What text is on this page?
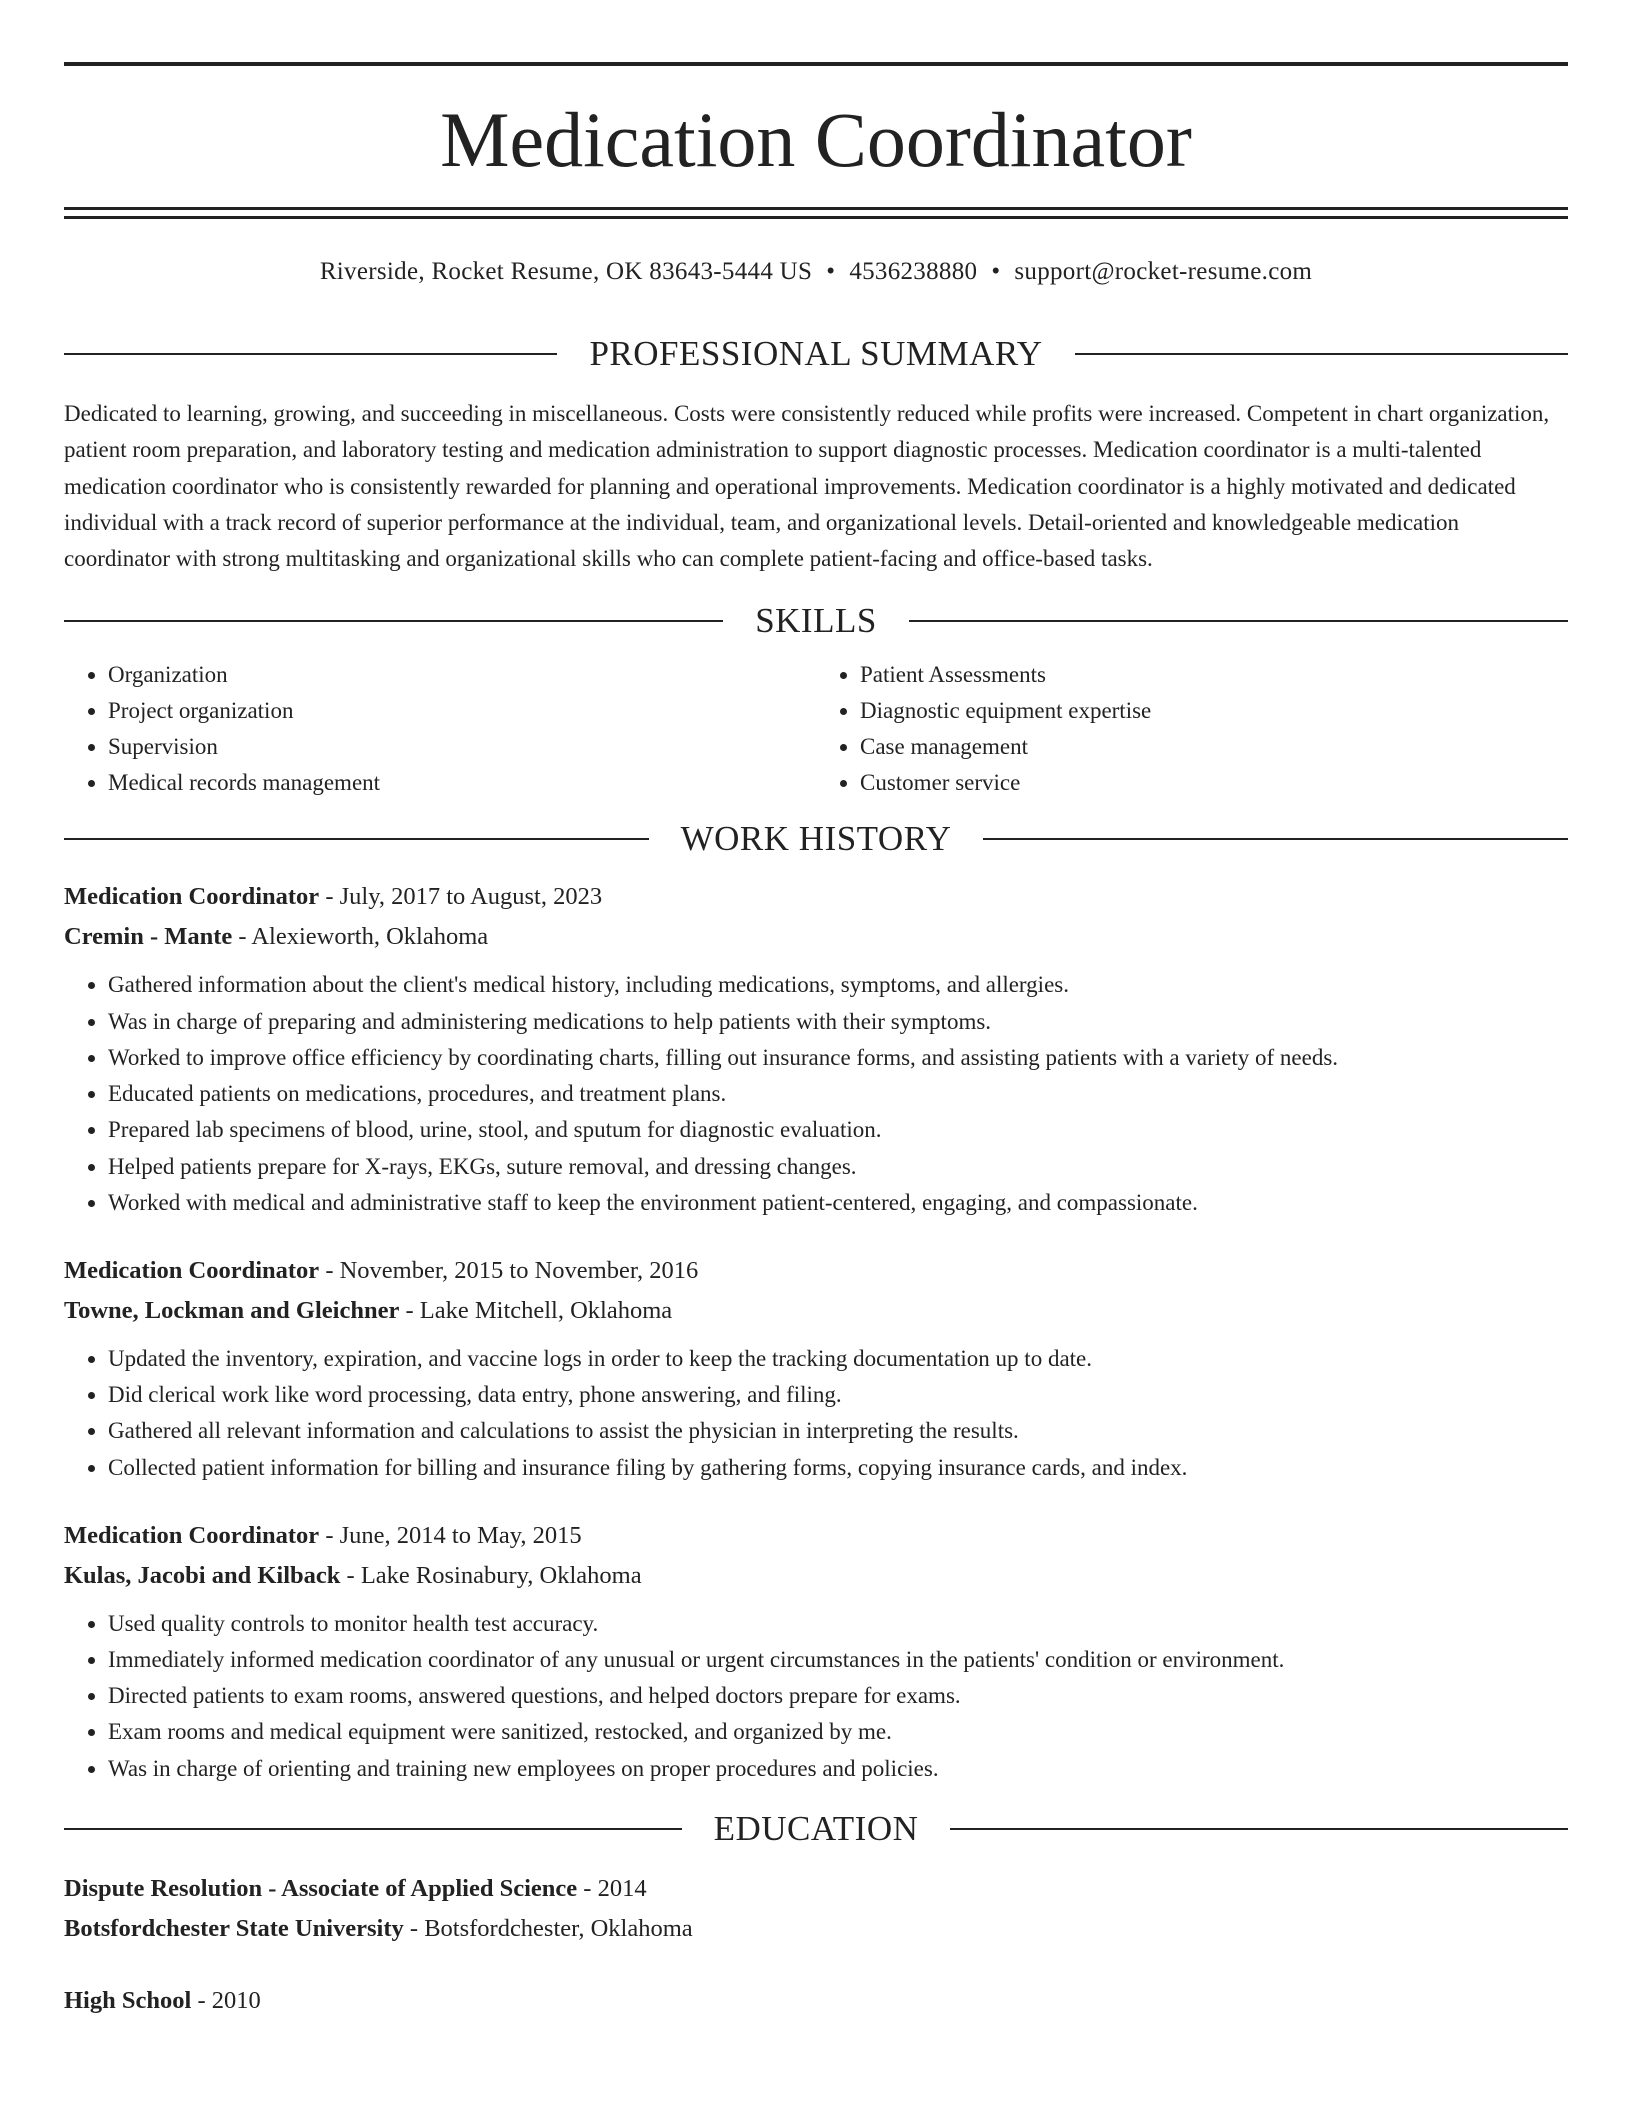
Medication Coordinator
Riverside, Rocket Resume, OK 83643-5444 US • 4536238880 • support@rocket-resume.com
PROFESSIONAL SUMMARY

Dedicated to learning, growing, and succeeding in miscellaneous. Costs were consistently reduced while profits were increased. Competent in chart organization, patient room preparation, and laboratory testing and medication administration to support diagnostic processes. Medication coordinator is a multi-talented medication coordinator who is consistently rewarded for planning and operational improvements. Medication coordinator is a highly motivated and dedicated individual with a track record of superior performance at the individual, team, and organizational levels. Detail-oriented and knowledgeable medication coordinator with strong multitasking and organizational skills who can complete patient-facing and office-based tasks.

SKILLS
• Organization
• Project organization
• Supervision
• Medical records management
• Patient Assessments
• Diagnostic equipment expertise
• Case management
• Customer service
WORK HISTORY

Medication Coordinator - July, 2017 to August, 2023

Cremin - Mante - Alexieworth, Oklahoma

• Gathered information about the client's medical history, including medications, symptoms, and allergies.
• Was in charge of preparing and administering medications to help patients with their symptoms.
• Worked to improve office efficiency by coordinating charts, filling out insurance forms, and assisting patients with a variety of needs.
• Educated patients on medications, procedures, and treatment plans.
• Prepared lab specimens of blood, urine, stool, and sputum for diagnostic evaluation.
• Helped patients prepare for X-rays, EKGs, suture removal, and dressing changes.
• Worked with medical and administrative staff to keep the environment patient-centered, engaging, and compassionate.

Medication Coordinator - November, 2015 to November, 2016

Towne, Lockman and Gleichner - Lake Mitchell, Oklahoma

• Updated the inventory, expiration, and vaccine logs in order to keep the tracking documentation up to date.
• Did clerical work like word processing, data entry, phone answering, and filing.
• Gathered all relevant information and calculations to assist the physician in interpreting the results.
• Collected patient information for billing and insurance filing by gathering forms, copying insurance cards, and index.

Medication Coordinator - June, 2014 to May, 2015

Kulas, Jacobi and Kilback - Lake Rosinabury, Oklahoma

• Used quality controls to monitor health test accuracy.
• Immediately informed medication coordinator of any unusual or urgent circumstances in the patients' condition or environment.
• Directed patients to exam rooms, answered questions, and helped doctors prepare for exams.
• Exam rooms and medical equipment were sanitized, restocked, and organized by me.
• Was in charge of orienting and training new employees on proper procedures and policies.
EDUCATION

Dispute Resolution - Associate of Applied Science - 2014

Botsfordchester State University - Botsfordchester, Oklahoma

High School - 2010
